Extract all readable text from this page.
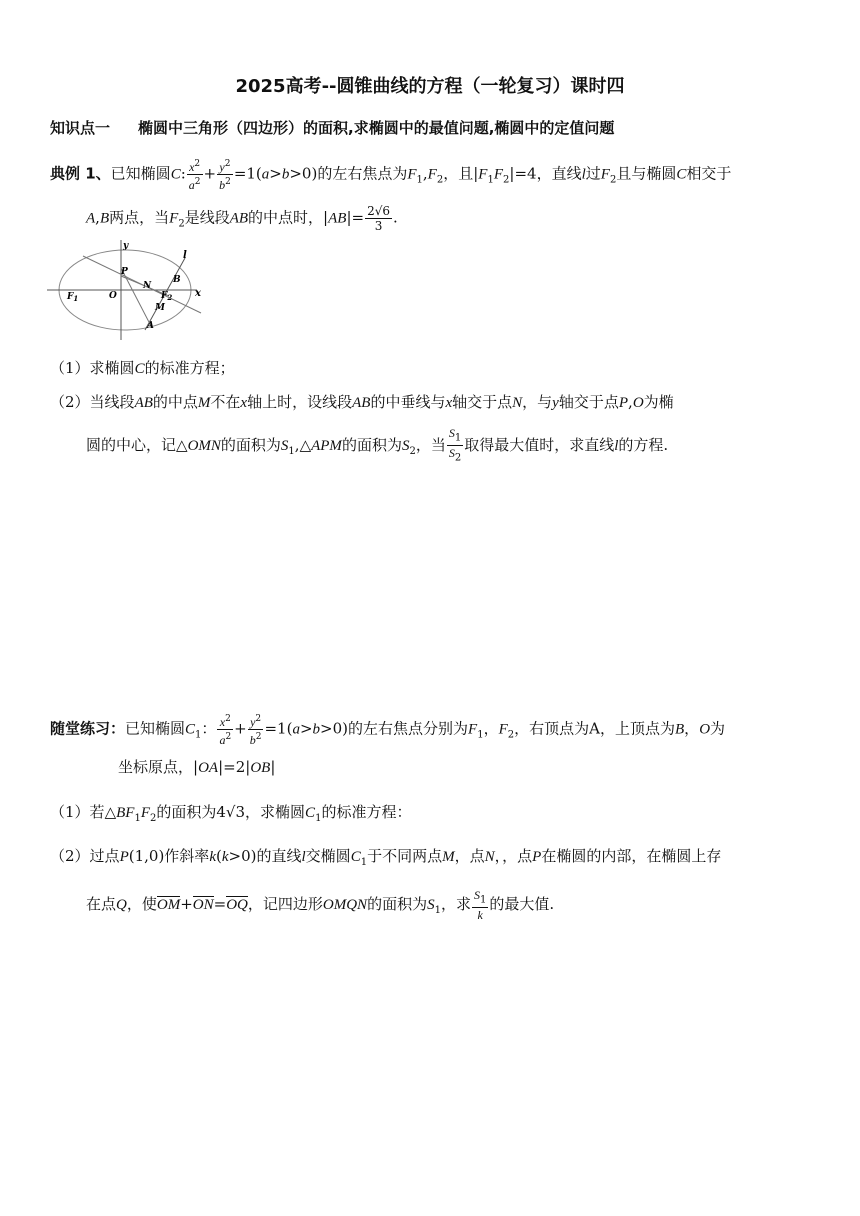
2025高考--圆锥曲线的方程（一轮复习）课时四
知识点一 椭圆中三角形（四边形）的面积,求椭圆中的最值问题,椭圆中的定值问题
典例 1、已知椭圆C: $\frac{x^2}{a^2} + \frac{y^2}{b^2} =1(a>b>0)$的左右焦点为$F_1,F_2$，且$|F_1F_2|=4$，直线l过$F_2$且与椭圆C相交于
A,B两点，当$F_2$是线段AB的中点时，$|AB|= \frac{2√6}{3}$ .
y
x
l
P
B
N
$F_1$	O	$F_2$
M
A
（1）求椭圆C的标准方程；
（2）当线段AB的中点M不在x轴上时，设线段AB的中垂线与x轴交于点N，与y轴交于点P,O为椭
圆的中心，记△OMN的面积为$S_1,\triangle APM$的面积为$S_2$，当 $\frac{S_1}{S_2}$ 取得最大值时，求直线l的方程.
随堂练习：已知椭圆$C_1$： $\frac{x^2}{a^2} + \frac{y^2}{b^2} =1(a>b>0)$的左右焦点分别为$F_1$，$F_2$，右顶点为A，上顶点为B，O为
坐标原点，|OA|=2|OB|
（1）若$\triangle BF_1F_2$的面积为4√3，求椭圆$C_1$的标准方程：
（2）过点P(1,0)作斜率k(k>0)的直线l交椭圆$C_1$于不同两点M，点N，，点P在椭圆的内部，在椭圆上存
在点Q，使OM+ON=OQ，记四边形OMQN的面积为$S_1$，求 $\frac{S_1}{k}$ 的最大值.
